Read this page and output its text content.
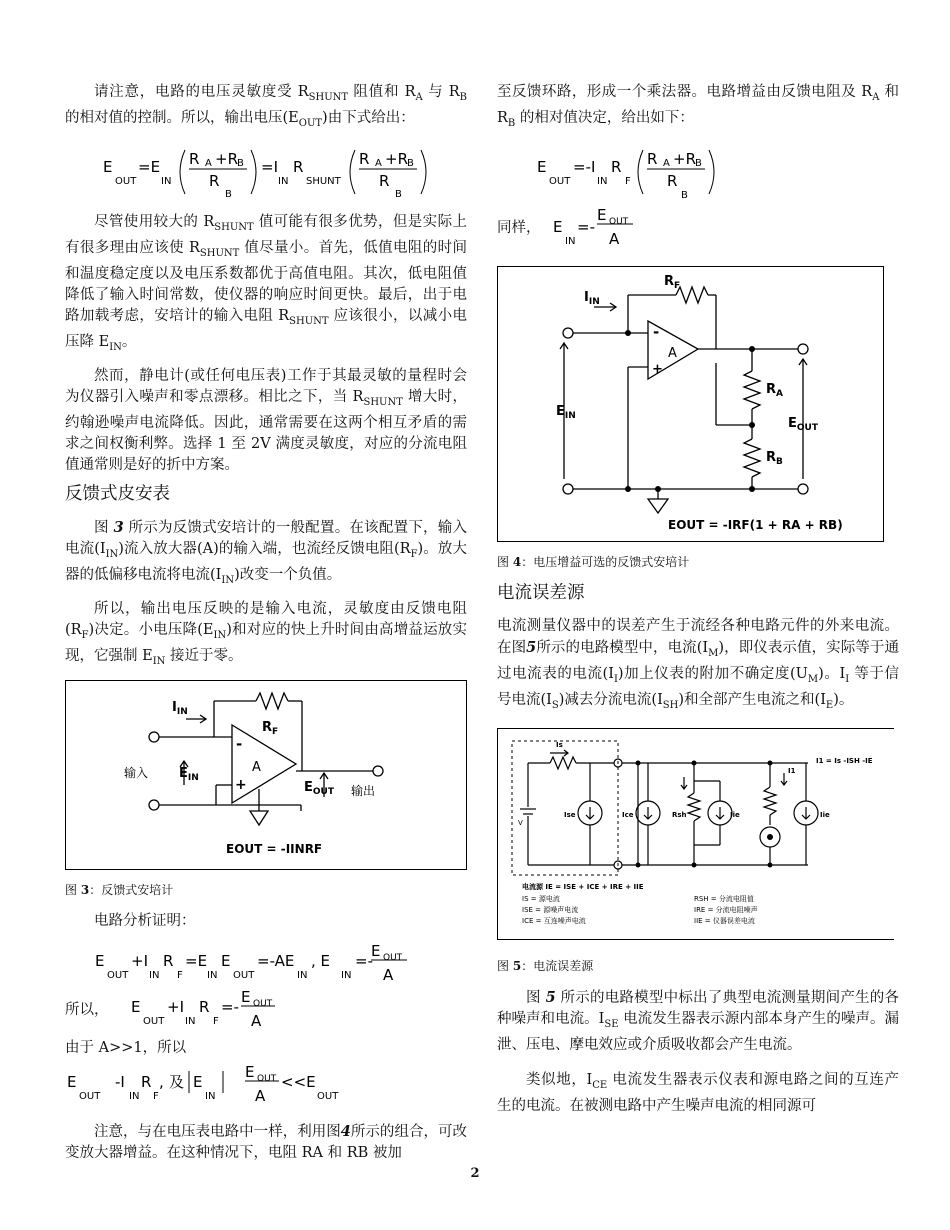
请注意，电路的电压灵敏度受 $R_{SHUNT}$ 阻值和 $R_A$ 与 $R_B$ 的相对值的控制。所以，输出电压$(E_{OUT})$由下式给出：

E
OUT
=E
IN
R A +R B
R
B
=I
IN
R
SHUNT
R A +R B
R
B

尽管使用较大的 $R_{SHUNT}$ 值可能有很多优势，但是实际上有很多理由应该使 $R_{SHUNT}$ 值尽量小。首先，低值电阻的时间和温度稳定度以及电压系数都优于高值电阻。其次，低电阻值降低了输入时间常数，使仪器的响应时间更快。最后，出于电路加载考虑，安培计的输入电阻 $R_{SHUNT}$ 应该很小，以减小电压降 $E_{IN}$。

然而，静电计(或任何电压表)工作于其最灵敏的量程时会为仪器引入噪声和零点漂移。相比之下，当 $R_{SHUNT}$ 增大时，约翰逊噪声电流降低。因此，通常需要在这两个相互矛盾的需求之间权衡利弊。选择 1 至 2V 满度灵敏度，对应的分流电阻值通常则是好的折中方案。

反馈式皮安表

图 3 所示为反馈式安培计的一般配置。在该配置下，输入电流$(I_{IN})$流入放大器(A)的输入端，也流经反馈电阻$(R_F)$。放大器的低偏移电流将电流$(I_{IN})$改变一个负值。

所以，输出电压反映的是输入电流，灵敏度由反馈电阻$(R_F)$决定。小电压降$(E_{IN})$和对应的快上升时间由高增益运放实现，它强制 $E_{IN}$ 接近于零。

$I_{IN}$
$R_F$
A
-
+
输入 $E_{IN}$
$E_{OUT}$ 输出
EOUT = -IINRF
图 3：反馈式安培计

电路分析证明：

E
OUT
+I
IN
R
F
=E
IN
E
OUT
=-AE
IN
, E
IN
=-
E OUT
A
所以， E
OUT
+I
IN
R
F
=-
E OUT
A

由于 A>>1，所以

E
OUT
-I
IN
R
F
, 及 E
IN
E OUT
A
<<E
OUT

注意，与在电压表电路中一样，利用图4所示的组合，可改变放大器增益。在这种情况下，电阻 RA 和 RB 被加

至反馈环路，形成一个乘法器。电路增益由反馈电阻及 $R_A$ 和 $R_B$ 的相对值决定，给出如下：

E
OUT
=-I
IN
R
F
R A +R B
R
B
同样， E
IN
=-
E OUT
A
$R_F$
$I_{IN}$
A
-
+
$R_A$
$R_B$
$E_{IN}$	$E_{OUT}$
EOUT = -IRF(1 + RA + RB)
图 4：电压增益可选的反馈式安培计
电流误差源

电流测量仪器中的误差产生于流经各种电路元件的外来电流。在图5所示的电路模型中，电流$(I_M)$，即仪表示值，实际等于通过电流表的电流$(I_I)$加上仪表的附加不确定度$(U_M)$。$I_I$ 等于信号电流$(I_S)$减去分流电流$(I_{SH})$和全部产生电流之和$(I_E)$。

Is
V
Ise	Ice	Rsh	Iie	Iie
I1
I1 = Is -ISH -IE
电流源 IE = ISE + ICE + IRE + IIE
IS = 源电流
ISE = 源噪声电流
ICE = 互连噪声电流
RSH = 分流电阻值
IRE = 分流电阻噪声
IIE = 仪器误差电流
图 5：电流误差源

图 5 所示的电路模型中标出了典型电流测量期间产生的各种噪声和电流。$I_{SE}$ 电流发生器表示源内部本身产生的噪声。漏泄、压电、摩电效应或介质吸收都会产生电流。

类似地，$I_{CE}$ 电流发生器表示仪表和源电路之间的互连产生的电流。在被测电路中产生噪声电流的相同源可

2
